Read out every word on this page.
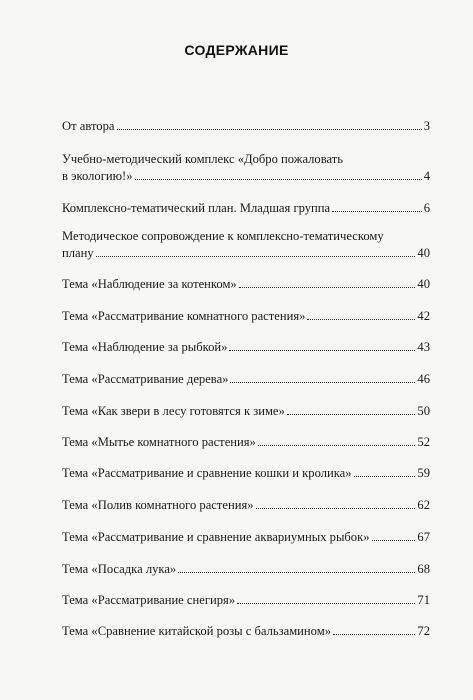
СОДЕРЖАНИЕ
От автора	3
Учебно-методический комплекс «Добро пожаловать
в экологию!»	4
Комплексно-тематический план. Младшая группа	6
Методическое сопровождение к комплексно-тематическому
плану	40
Тема «Наблюдение за котенком»	40
Тема «Рассматривание комнатного растения»	42
Тема «Наблюдение за рыбкой»	43
Тема «Рассматривание дерева»	46
Тема «Как звери в лесу готовятся к зиме»	50
Тема «Мытье комнатного растения»	52
Тема «Рассматривание и сравнение кошки и кролика»	59
Тема «Полив комнатного растения»	62
Тема «Рассматривание и сравнение аквариумных рыбок»	67
Тема «Посадка лука»	68
Тема «Рассматривание снегиря»	71
Тема «Сравнение китайской розы с бальзамином»	72
